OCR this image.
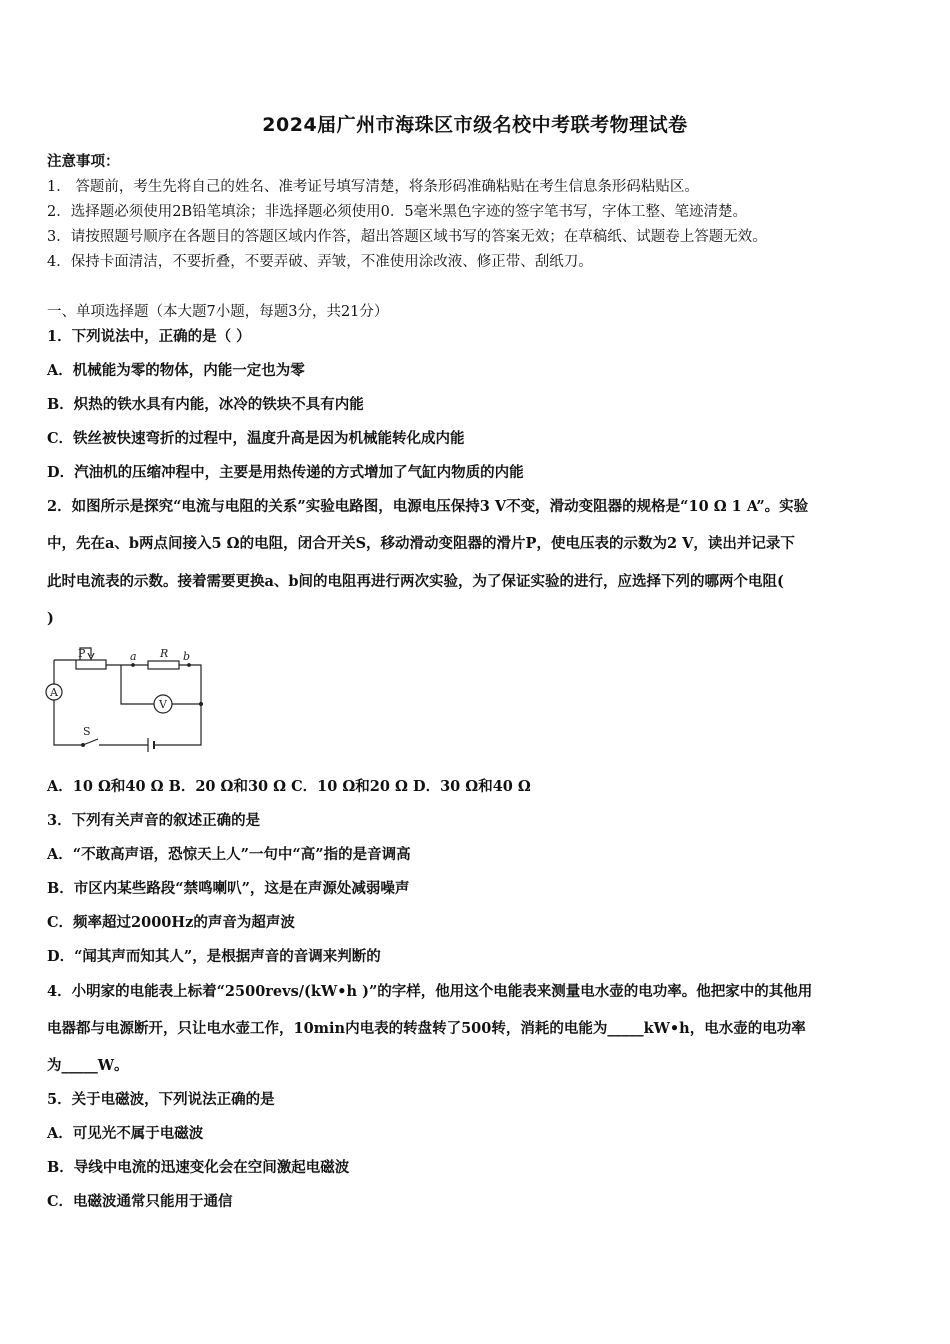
2024届广州市海珠区市级名校中考联考物理试卷
注意事项：
1． 答题前，考生先将自己的姓名、准考证号填写清楚，将条形码准确粘贴在考生信息条形码粘贴区。
2．选择题必须使用2B铅笔填涂；非选择题必须使用0．5毫米黑色字迹的签字笔书写，字体工整、笔迹清楚。
3．请按照题号顺序在各题目的答题区域内作答，超出答题区域书写的答案无效；在草稿纸、试题卷上答题无效。
4．保持卡面清洁，不要折叠，不要弄破、弄皱，不准使用涂改液、修正带、刮纸刀。
一、单项选择题（本大题7小题，每题3分，共21分）
1．下列说法中，正确的是（ ）
A．机械能为零的物体，内能一定也为零
B．炽热的铁水具有内能，冰冷的铁块不具有内能
C．铁丝被快速弯折的过程中，温度升高是因为机械能转化成内能
D．汽油机的压缩冲程中，主要是用热传递的方式增加了气缸内物质的内能
2．如图所示是探究“电流与电阻的关系”实验电路图，电源电压保持3 V不变，滑动变阻器的规格是“10 Ω 1 A”。实验
中，先在a、b两点间接入5 Ω的电阻，闭合开关S，移动滑动变阻器的滑片P，使电压表的示数为2 V，读出并记录下
此时电流表的示数。接着需要更换a、b间的电阻再进行两次实验，为了保证实验的进行，应选择下列的哪两个电阻(
)
P	R
a	b
V
A
S
A．10 Ω和40 Ω B．20 Ω和30 Ω C．10 Ω和20 Ω D．30 Ω和40 Ω
3．下列有关声音的叙述正确的是
A．“不敢高声语，恐惊天上人”一句中“高”指的是音调高
B．市区内某些路段“禁鸣喇叭”，这是在声源处减弱噪声
C．频率超过2000Hz的声音为超声波
D．“闻其声而知其人”，是根据声音的音调来判断的
4．小明家的电能表上标着“2500revs/(kW•h )”的字样，他用这个电能表来测量电水壶的电功率。他把家中的其他用
电器都与电源断开，只让电水壶工作，10min内电表的转盘转了500转，消耗的电能为_____kW•h，电水壶的电功率
为_____W。
5．关于电磁波，下列说法正确的是
A．可见光不属于电磁波
B．导线中电流的迅速变化会在空间激起电磁波
C．电磁波通常只能用于通信
